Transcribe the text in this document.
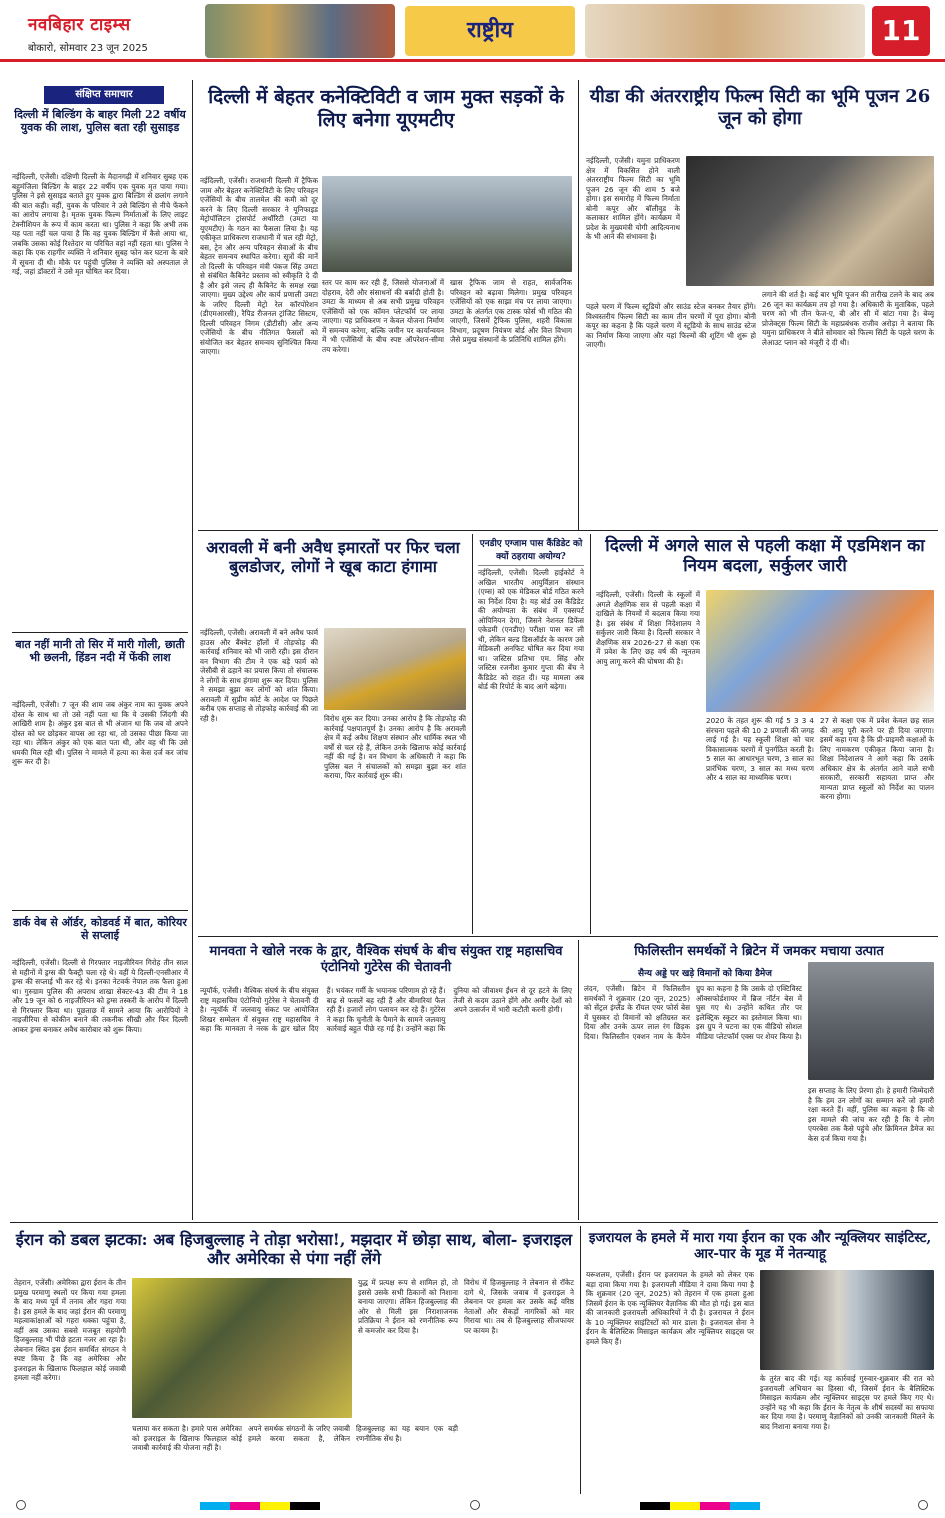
नवबिहार टाइम्स
बोकारो, सोमवार 23 जून 2025
राष्ट्रीय	11
संक्षिप्त समाचार
दिल्ली में बिल्डिंग के बाहर मिली 22 वर्षीय युवक की लाश, पुलिस बता रही सुसाइड
नईदिल्ली, एजेंसी। दक्षिणी दिल्ली के मैदानगढ़ी में शनिवार सुबह एक बहुमंजिला बिल्डिंग के बाहर 22 वर्षीय एक युवक मृत पाया गया। पुलिस ने इसे सुसाइड बताते हुए युवक द्वारा बिल्डिंग से छलांग लगाने की बात कही। वहीं, युवक के परिवार ने उसे बिल्डिंग से नीचे फेंकने का आरोप लगाया है। मृतक युवक फिल्म निर्माताओं के लिए लाइट टेक्नीशियन के रूप में काम करता था। पुलिस ने कहा कि अभी तक यह पता नहीं चल पाया है कि वह युवक बिल्डिंग में कैसे आया था, जबकि उसका कोई रिश्तेदार या परिचित वहां नहीं रहता था। पुलिस ने कहा कि एक राहगीर व्यक्ति ने शनिवार सुबह फोन कर घटना के बारे में सूचना दी थी। मौके पर पहुंची पुलिस ने व्यक्ति को अस्पताल ले गई, जहां डॉक्टरों ने उसे मृत घोषित कर दिया।
बात नहीं मानी तो सिर में मारी गोली, छाती भी छलनी, हिंडन नदी में फेंकी लाश
नईदिल्ली, एजेंसी। 7 जून की शाम जब अंकुर नाम का युवक अपने दोस्त के साथ था तो उसे नहीं पता था कि ये उसकी जिंदगी की आखिरी शाम है। अंकुर इस बात से भी अंजान था कि जब वो अपने दोस्त को घर छोड़कर वापस आ रहा था, तो उसका पीछा किया जा रहा था। लेकिन अंकुर को एक बात पता थी, और वह थी कि उसे धमकी मिल रही थी। पुलिस ने मामले में हत्या का केस दर्ज कर जांच शुरू कर दी है।
डार्क वेब से ऑर्डर, कोडवर्ड में बात, कोरियर से सप्लाई
नईदिल्ली, एजेंसी। दिल्ली से गिरफ्तार नाइजीरियन गिरोह तीन साल से महीनों में ड्रग्स की फैक्ट्री चला रहे थे। वहीं ये दिल्ली-एनसीआर में ड्रग्स की सप्लाई भी कर रहे थे। इनका नेटवर्क नेपाल तक फैला हुआ था। गुरुग्राम पुलिस की अपराध शाखा सेक्टर-43 की टीम ने 18 और 19 जून को 6 नाइजीरियन को ड्रग्स तस्करी के आरोप में दिल्ली से गिरफ्तार किया था। पूछताछ में सामने आया कि आरोपियों ने नाइजीरिया से कोकीन बनाने की तकनीक सीखी और फिर दिल्ली आकर ड्रग्स बनाकर अवैध कारोबार को शुरू किया।
दिल्ली में बेहतर कनेक्टिविटी व जाम मुक्त सड़कों के लिए बनेगा यूएमटीए
नईदिल्ली, एजेंसी। राजधानी दिल्ली में ट्रैफिक जाम और बेहतर कनेक्टिविटी के लिए परिवहन एजेंसियों के बीच तालमेल की कमी को दूर करने के लिए दिल्ली सरकार ने यूनिफाइड मेट्रोपॉलिटन ट्रांसपोर्ट अथॉरिटी (उमटा या यूएमटीए) के गठन का फैसला लिया है। यह एकीकृत प्राधिकरण राजधानी में चल रही मेट्रो, बस, ट्रेन और अन्य परिवहन सेवाओं के बीच बेहतर समन्वय स्थापित करेगा। सूत्रों की मानें तो दिल्ली के परिवहन मंत्री पंकज सिंह उमटा से संबंधित कैबिनेट प्रस्ताव को स्वीकृति दे दी है और इसे जल्द ही कैबिनेट के समक्ष रखा जाएगा। मुख्य उद्देश्य और कार्य प्रणाली उमटा के जरिए दिल्ली मेट्रो रेल कॉरपोरेशन (डीएमआरसी), रैपिड रीजनल ट्रांजिट सिस्टम, दिल्ली परिवहन निगम (डीटीसी) और अन्य एजेंसियों के बीच नीतिगत फैसलों को संयोजित कर बेहतर समन्वय सुनिश्चित किया जाएगा।
स्तर पर काम कर रही हैं, जिससे योजनाओं में दोहराव, देरी और संसाधनों की बर्बादी होती है। उमटा के माध्यम से अब सभी प्रमुख परिवहन एजेंसियों को एक कॉमन प्लेटफॉर्म पर लाया जाएगा। यह प्राधिकरण न केवल योजना निर्माण में समन्वय करेगा, बल्कि जमीन पर कार्यान्वयन में भी एजेंसियों के बीच स्पष्ट ऑपरेशन-सीमा तय करेगा।
खास ट्रैफिक जाम से राहत, सार्वजनिक परिवहन को बढ़ावा मिलेगा। प्रमुख परिवहन एजेंसियों को एक साझा मंच पर लाया जाएगा। उमटा के अंतर्गत एक टास्क फोर्स भी गठित की जाएगी, जिसमें ट्रैफिक पुलिस, शहरी विकास विभाग, प्रदूषण नियंत्रण बोर्ड और वित्त विभाग जैसे प्रमुख संस्थानों के प्रतिनिधि शामिल होंगे।
यीडा की अंतरराष्ट्रीय फिल्म सिटी का भूमि पूजन 26 जून को होगा
नईदिल्ली, एजेंसी। यमुना प्राधिकरण क्षेत्र में विकसित होने वाली अंतरराष्ट्रीय फिल्म सिटी का भूमि पूजन 26 जून की शाम 5 बजे होगा। इस समारोह में फिल्म निर्माता बोनी कपूर और बॉलीवुड के कलाकार शामिल होंगे। कार्यक्रम में प्रदेश के मुख्यमंत्री योगी आदित्यनाथ के भी आने की संभावना है।
पहले चरण में फिल्म स्टूडियो और साउंड स्टेज बनकर तैयार होंगे। विश्वस्तरीय फिल्म सिटी का काम तीन चरणों में पूरा होगा। बोनी कपूर का कहना है कि पहले चरण में स्टूडियो के साथ साउंड स्टेज का निर्माण किया जाएगा और यहां फिल्मों की शूटिंग भी शुरू हो जाएगी।
लगाने की शर्त है। कई बार भूमि पूजन की तारीख टलने के बाद अब 26 जून का कार्यक्रम तय हो गया है। अधिकारी के मुताबिक, पहले चरण को भी तीन फेज-ए, बी और सी में बांटा गया है। बेव्यू प्रोजेक्ट्स फिल्म सिटी के महाप्रबंधक राजीव अरोड़ा ने बताया कि यमुना प्राधिकरण ने बीते सोमवार को फिल्म सिटी के पहले चरण के लेआउट प्लान को मंजूरी दे दी थी।
अरावली में बनी अवैध इमारतों पर फिर चला बुलडोजर, लोगों ने खूब काटा हंगामा
नईदिल्ली, एजेंसी। अरावली में बने अवैध फार्म हाउस और बैंक्वेट हॉलों में तोड़फोड़ की कार्रवाई शनिवार को भी जारी रही। इस दौरान वन विभाग की टीम ने एक बड़े फार्म को जेसीबी से ढहाने का प्रयास किया तो संचालक ने लोगों के साथ हंगामा शुरू कर दिया। पुलिस ने समझा बुझा कर लोगों को शांत किया। अरावली में सुप्रीम कोर्ट के आदेश पर पिछले करीब एक सप्ताह से तोड़फोड़ कार्रवाई की जा रही है।	विरोध शुरू कर दिया। उनका आरोप है कि तोड़फोड़ की कार्रवाई पक्षपातपूर्ण है। उनका आरोप है कि अरावली क्षेत्र में कई अवैध शिक्षण संस्थान और धार्मिक स्थल भी वर्षों से चल रहे हैं, लेकिन उनके खिलाफ कोई कार्रवाई नहीं की गई है। वन विभाग के अधिकारी ने कहा कि पुलिस बल ने संचालकों को समझा बुझा कर शांत कराया, फिर कार्रवाई शुरू की।
एनडीए एग्जाम पास कैंडिडेट को क्यों ठहराया अयोग्य?
नईदिल्ली, एजेंसी। दिल्ली हाईकोर्ट ने अखिल भारतीय आयुर्विज्ञान संस्थान (एम्स) को एक मेडिकल बोर्ड गठित करने का निर्देश दिया है। यह बोर्ड उस कैंडिडेट की अयोग्यता के संबंध में एक्सपर्ट ओपिनियन देगा, जिसने नेशनल डिफेंस एकेडमी (एनडीए) परीक्षा पास कर ली थी, लेकिन बल्ड डिसऑर्डर के कारण उसे मेडिकली अनफिट घोषित कर दिया गया था। जस्टिस प्रतिभा एम. सिंह और जस्टिस रजनीश कुमार गुप्ता की बेंच ने कैंडिडेट को राहत दी। यह मामला अब बोर्ड की रिपोर्ट के बाद आगे बढ़ेगा।
दिल्ली में अगले साल से पहली कक्षा में एडमिशन का नियम बदला, सर्कुलर जारी
नईदिल्ली, एजेंसी। दिल्ली के स्कूलों में अगले शैक्षणिक सत्र से पहली कक्षा में दाखिले के नियमों में बदलाव किया गया है। इस संबंध में शिक्षा निदेशालय ने सर्कुलर जारी किया है। दिल्ली सरकार ने शैक्षणिक सत्र 2026-27 से कक्षा एक में प्रवेश के लिए छह वर्ष की न्यूनतम आयु लागू करने की घोषणा की है।
2020 के तहत शुरू की गई 5 3 3 4 संरचना पहले की 10 2 प्रणाली की जगह लाई गई है। यह स्कूली शिक्षा को चार विकासात्मक चरणों में पुनर्गठित करती है। 5 साल का आधारभूत चरण, 3 साल का प्रारंभिक चरण, 3 साल का मध्य चरण और 4 साल का माध्यमिक चरण।
27 से कक्षा एक में प्रवेश केवल छह साल की आयु पूरी करने पर ही दिया जाएगा। इसमें कहा गया है कि प्री-प्राइमरी कक्षाओं के लिए नामकरण एकीकृत किया जाना है। शिक्षा निदेशालय ने आगे कहा कि उसके अधिकार क्षेत्र के अंतर्गत आने वाले सभी सरकारी, सरकारी सहायता प्राप्त और मान्यता प्राप्त स्कूलों को निर्देश का पालन करना होगा।
मानवता ने खोले नरक के द्वार, वैश्विक संघर्ष के बीच संयुक्त राष्ट्र महासचिव एंटोनियो गुटेरेस की चेतावनी
न्यूयॉर्क, एजेंसी। वैश्विक संघर्ष के बीच संयुक्त राष्ट्र महासचिव एंटोनियो गुटेरेस ने चेतावनी दी है। न्यूयॉर्क में जलवायु संकट पर आयोजित शिखर सम्मेलन में संयुक्त राष्ट्र महासचिव ने कहा कि मानवता ने नरक के द्वार खोल दिए हैं। भयंकर गर्मी के भयानक परिणाम हो रहे हैं। बाढ़ से फसलें बह रही हैं और बीमारियां फैल रही हैं। हजारों लोग पलायन कर रहे हैं। गुटेरेस ने कहा कि चुनौती के पैमाने के सामने जलवायु कार्रवाई बहुत पीछे रह गई है। उन्होंने कहा कि दुनिया को जीवाश्म ईंधन से दूर हटने के लिए तेजी से कदम उठाने होंगे और अमीर देशों को अपने उत्सर्जन में भारी कटौती करनी होगी।
फिलिस्तीन समर्थकों ने ब्रिटेन में जमकर मचाया उत्पात
सैन्य अड्डे पर खड़े विमानों को किया डैमेज
लंदन, एजेंसी। ब्रिटेन में फिलिस्तीन समर्थकों ने शुक्रवार (20 जून, 2025) को सेंट्रल इंग्लैंड के रॉयल एयर फोर्स बेस में घुसकर दो विमानों को क्षतिग्रस्त कर दिया और उनके ऊपर लाल रंग छिड़क दिया। फिलिस्तीन एक्शन नाम के कैंपेन ग्रुप का कहना है कि उसके दो एक्टिविस्ट ऑक्सफोर्डशायर में ब्रिज नॉर्टन बेस में घुस गए थे। उन्होंने कथित तौर पर इलेक्ट्रिक स्कूटर का इस्तेमाल किया था। इस ग्रुप ने घटना का एक वीडियो सोशल मीडिया प्लेटफॉर्म एक्स पर शेयर किया है।
इस सप्ताह के लिए प्रेरणा हो। हे हमारी जिम्मेदारी है कि हम उन लोगों का सम्मान करें जो हमारी रक्षा करते हैं। वहीं, पुलिस का कहना है कि वो इस मामले की जांच कर रही है कि ये लोग एयरबेस तक कैसे पहुंचे और क्रिमिनल डैमेज का केस दर्ज किया गया है।
ईरान को डबल झटका: अब हिजबुल्लाह ने तोड़ा भरोसा!, मझदार में छोड़ा साथ, बोला- इजराइल और अमेरिका से पंगा नहीं लेंगे
तेहरान, एजेंसी। अमेरिका द्वारा ईरान के तीन प्रमुख परमाणु स्थलों पर किया गया हमला के बाद मध्य पूर्व में तनाव और गहरा गया है। इस हमले के बाद जहां ईरान की परमाणु महत्वाकांक्षाओं को गहरा धक्का पहुंचा है, वहीं अब उसका सबसे मजबूत सहयोगी हिजबुल्लाह भी पीछे हटता नजर आ रहा है। लेबनान स्थित इस ईरान समर्थित संगठन ने स्पष्ट किया है कि वह अमेरिका और इजराइल के खिलाफ फिलहाल कोई जवाबी हमला नहीं करेगा।
युद्ध में प्रत्यक्ष रूप से शामिल हो, तो इससे उसके सभी ठिकानों को निशाना बनाया जाएगा। लेकिन हिजबुल्लाह की ओर से मिली इस निराशाजनक प्रतिक्रिया ने ईरान को रणनीतिक रूप से कमजोर कर दिया है।
विरोध में हिजबुल्लाह ने लेबनान से रॉकेट दागे थे, जिसके जवाब में इजराइल ने लेबनान पर हमला कर उसके कई वरिष्ठ नेताओं और सैकड़ों नागरिकों को मार गिराया था। तब से हिजबुल्लाह सीजफायर पर कायम है।
चलाया कर सकता है। हमारे पास अमेरिका को इजराइल के खिलाफ फिलहाल कोई जवाबी कार्रवाई की योजना नहीं है।
अपने समर्थक संगठनों के जरिए जवाबी हमले करवा सकता है, लेकिन हिजबुल्लाह का यह बयान एक बड़ी रणनीतिक सेंध है।
इजरायल के हमले में मारा गया ईरान का एक और न्यूक्लियर साइंटिस्ट, आर-पार के मूड में नेतन्याहू
यरूशलम, एजेंसी। ईरान पर इजरायल के हमले को लेकर एक बड़ा दावा किया गया है। इजरायली मीडिया ने दावा किया गया है कि शुक्रवार (20 जून, 2025) को तेहरान में एक हमला हुआ जिसमें ईरान के एक न्यूक्लियर वैज्ञानिक की मौत हो गई। इस बात की जानकारी इजरायली अधिकारियों ने दी है। इजरायल ने ईरान के 10 न्यूक्लियर साइंटिस्टों को मार डाला है। इजरायल सेना ने ईरान के बैलिस्टिक मिसाइल कार्यक्रम और न्यूक्लियर साइट्स पर हमले किए हैं।
के तुरंत बाद की गई। यह कार्रवाई गुरुवार-शुक्रवार की रात को इजरायली अभियान का हिस्सा थी, जिसमें ईरान के बैलिस्टिक मिसाइल कार्यक्रम और न्यूक्लियर साइट्स पर हमले किए गए थे। उन्होंने यह भी कहा कि ईरान के नेतृत्व के शीर्ष सदस्यों का सफाया कर दिया गया है। परमाणु वैज्ञानिकों को उनकी जानकारी मिलने के बाद निशाना बनाया गया है।
